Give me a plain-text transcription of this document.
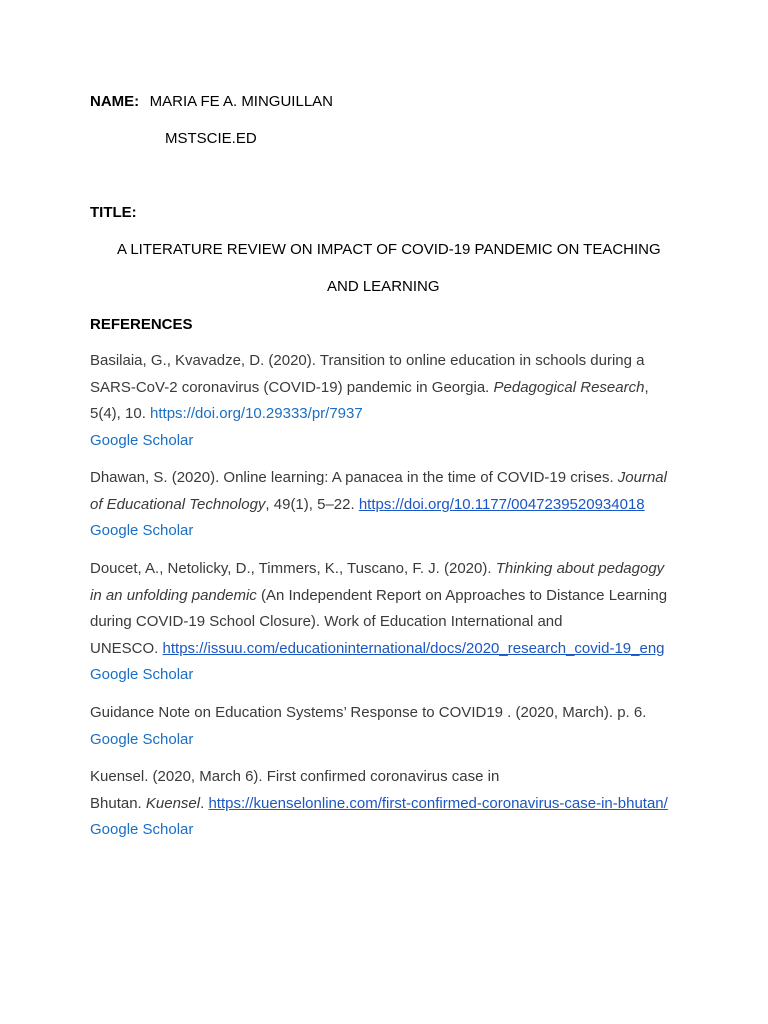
NAME: MARIA FE A. MINGUILLAN
MSTSCIE.ED
TITLE:
A LITERATURE REVIEW ON IMPACT OF COVID-19 PANDEMIC ON TEACHING
AND LEARNING
REFERENCES
Basilaia, G., Kvavadze, D. (2020). Transition to online education in schools during a
SARS-CoV-2 coronavirus (COVID-19) pandemic in Georgia. Pedagogical Research,
5(4), 10. https://doi.org/10.29333/pr/7937
Google Scholar
Dhawan, S. (2020). Online learning: A panacea in the time of COVID-19 crises. Journal
of Educational Technology, 49(1), 5–22. https://doi.org/10.1177/0047239520934018
Google Scholar
Doucet, A., Netolicky, D., Timmers, K., Tuscano, F. J. (2020). Thinking about pedagogy
in an unfolding pandemic (An Independent Report on Approaches to Distance Learning
during COVID-19 School Closure). Work of Education International and
UNESCO. https://issuu.com/educationinternational/docs/2020_research_covid-19_eng
Google Scholar
Guidance Note on Education Systems’ Response to COVID19 . (2020, March). p. 6.
Google Scholar
Kuensel. (2020, March 6). First confirmed coronavirus case in
Bhutan. Kuensel. https://kuenselonline.com/first-confirmed-coronavirus-case-in-bhutan/
Google Scholar
